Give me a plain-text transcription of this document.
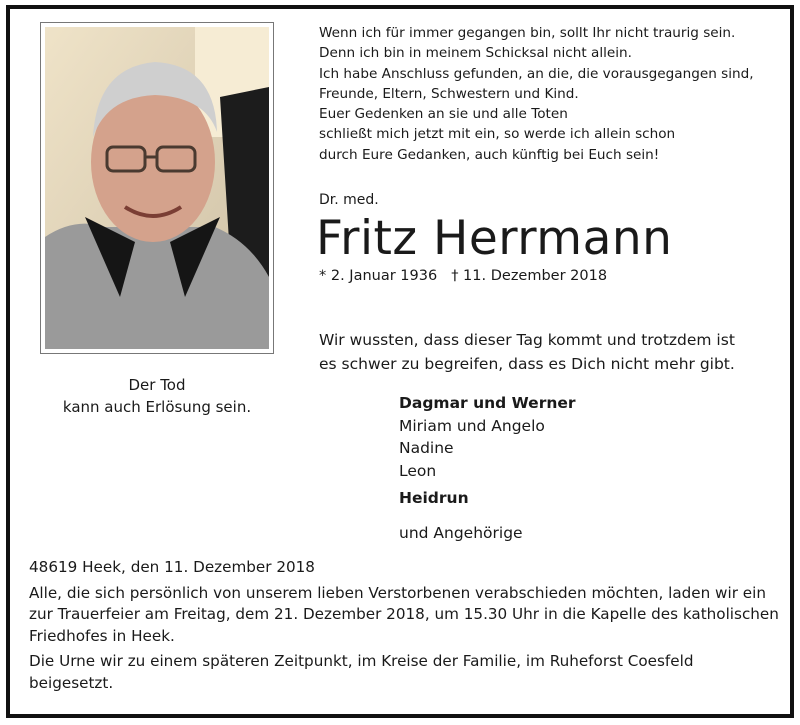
Der Tod
kann auch Erlösung sein.
Wenn ich für immer gegangen bin, sollt Ihr nicht traurig sein.
Denn ich bin in meinem Schicksal nicht allein.
Ich habe Anschluss gefunden, an die, die vorausgegangen sind,
Freunde, Eltern, Schwestern und Kind.
Euer Gedenken an sie und alle Toten
schließt mich jetzt mit ein, so werde ich allein schon
durch Eure Gedanken, auch künftig bei Euch sein!
Dr. med.
Fritz Herrmann
* 2. Januar 1936 † 11. Dezember 2018
Wir wussten, dass dieser Tag kommt und trotzdem ist
es schwer zu begreifen, dass es Dich nicht mehr gibt.
Dagmar und Werner
Miriam und Angelo
Nadine
Leon
Heidrun
und Angehörige

48619 Heek, den 11. Dezember 2018

Alle, die sich persönlich von unserem lieben Verstorbenen verabschieden möchten, laden wir ein zur Trauerfeier am Freitag, dem 21. Dezember 2018, um 15.30 Uhr in die Kapelle des katholischen Friedhofes in Heek.

Die Urne wir zu einem späteren Zeitpunkt, im Kreise der Familie, im Ruheforst Coesfeld beigesetzt.
